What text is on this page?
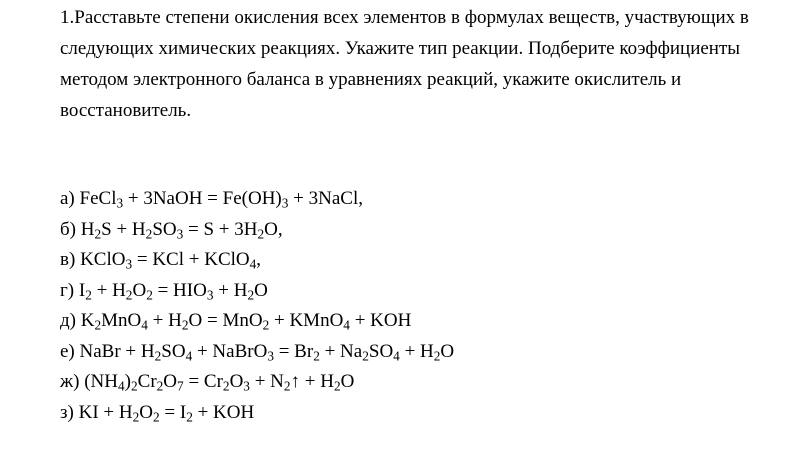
1.Расставьте степени окисления всех элементов в формулах веществ, участвующих в следующих химических реакциях. Укажите тип реакции. Подберите коэффициенты методом электронного баланса в уравнениях реакций, укажите окислитель и восстановитель.

а) FeCl$_3$ + 3NaOH = $Fe(OH)_3$ + 3NaCl,
б) $H_2S + H_2SO_3 = S + 3H_2O$,
в) KClO$_3$ = KCl + KClO$_4$,
г) $I_2 + H_2O_2 = HIO_3 + H_2O$
д) $K_2MnO_4 + H_2O = MnO_2$ + KMnO$_4$ + KOH
е) NaBr + $H_2SO_4$ + NaBrO$_3$ = $Br_2 + Na_2SO_4 + H_2O$
ж) $(NH_4)_2Cr_2O_7 = Cr_2O_3$ + $N_2↑ + H_2O$
з) KI + $H_2O_2 = I_2$ + KOH
